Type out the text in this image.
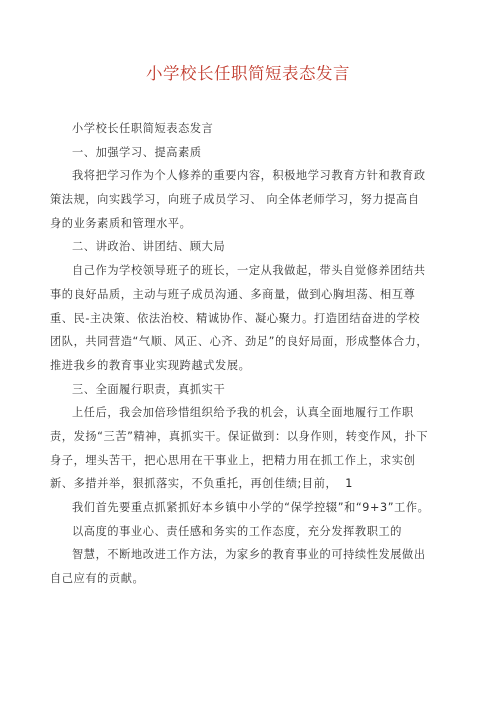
小学校长任职简短表态发言
小学校长任职简短表态发言
一、加强学习、提高素质
我将把学习作为个人修养的重要内容，积极地学习教育方针和教育政
策法规，向实践学习，向班子成员学习、 向全体老师学习，努力提高自
身的业务素质和管理水平。
二、讲政治、讲团结、顾大局
自己作为学校领导班子的班长，一定从我做起，带头自觉修养团结共
事的良好品质，主动与班子成员沟通、多商量，做到心胸坦荡、相互尊
重、民-主决策、依法治校、精诚协作、凝心聚力。打造团结奋进的学校
团队，共同营造“气顺、风正、心齐、劲足”的良好局面，形成整体合力，
推进我乡的教育事业实现跨越式发展。
三、全面履行职责，真抓实干
上任后，我会加倍珍惜组织给予我的机会，认真全面地履行工作职
责，发扬“三苦”精神，真抓实干。保证做到：以身作则，转变作风，扑下
身子，埋头苦干，把心思用在干事业上，把精力用在抓工作上，求实创
新、多措并举，狠抓落实，不负重托，再创佳绩;目前， 1
我们首先要重点抓紧抓好本乡镇中小学的“保学控辍”和“9+3”工作。
以高度的事业心、责任感和务实的工作态度，充分发挥教职工的
智慧，不断地改进工作方法，为家乡的教育事业的可持续性发展做出
自己应有的贡献。
